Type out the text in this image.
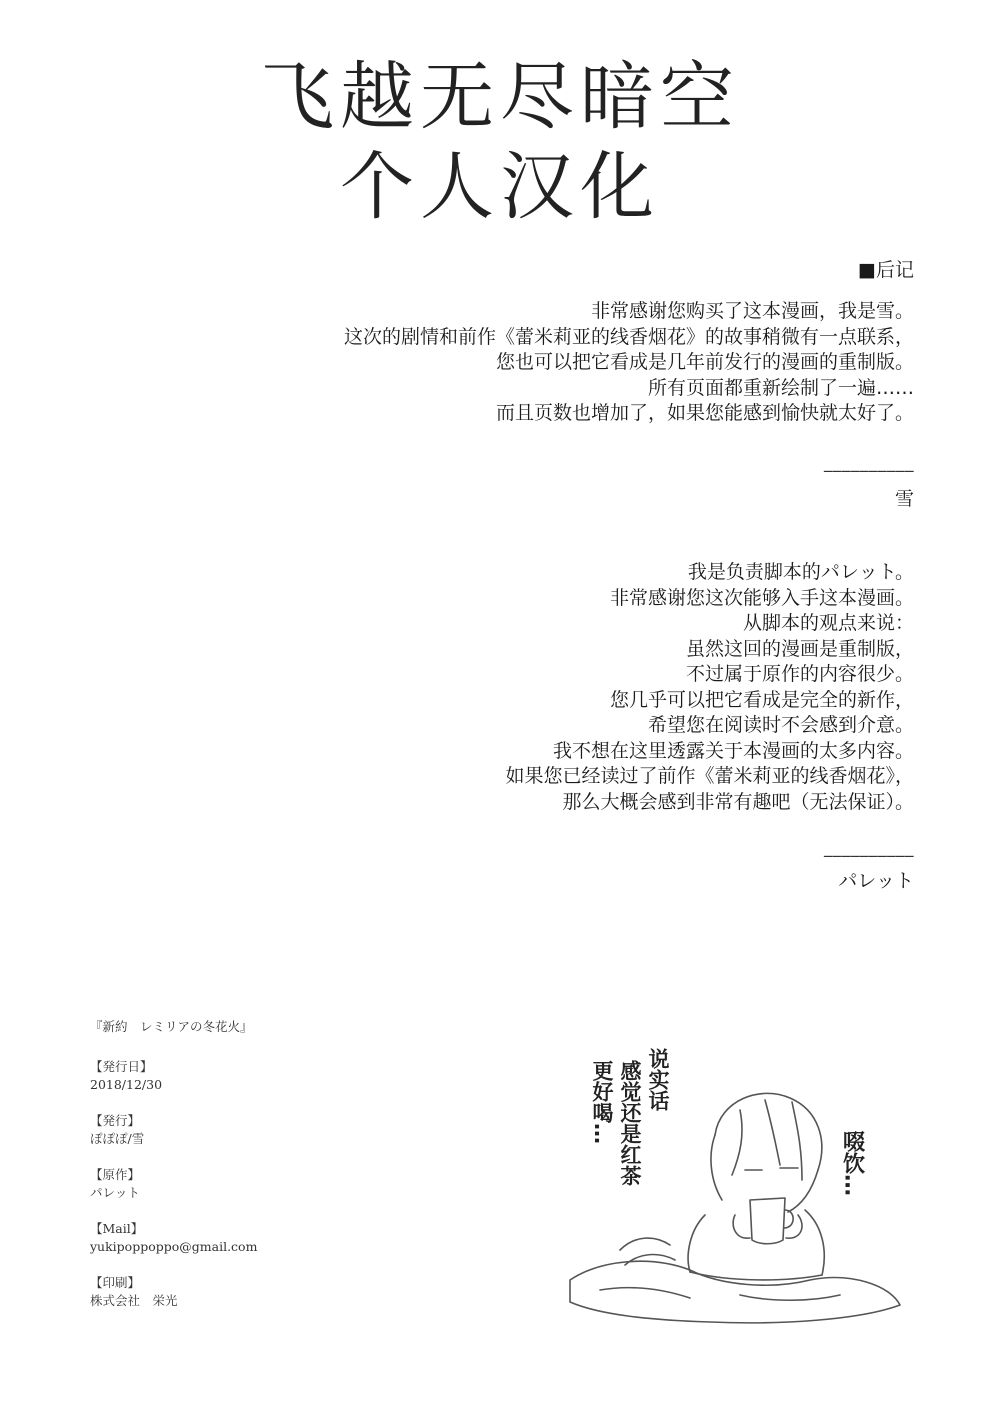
飞越无尽暗空
个人汉化
■后记
非常感谢您购买了这本漫画，我是雪。
这次的剧情和前作《蕾米莉亚的线香烟花》的故事稍微有一点联系，
您也可以把它看成是几年前发行的漫画的重制版。
所有页面都重新绘制了一遍……
而且页数也增加了，如果您能感到愉快就太好了。
__________
雪
我是负责脚本的パレット。
非常感谢您这次能够入手这本漫画。
从脚本的观点来说：
虽然这回的漫画是重制版，
不过属于原作的内容很少。
您几乎可以把它看成是完全的新作，
希望您在阅读时不会感到介意。
我不想在这里透露关于本漫画的太多内容。
如果您已经读过了前作《蕾米莉亚的线香烟花》，
那么大概会感到非常有趣吧（无法保证）。
__________
パレット
『新約　レミリアの冬花火』
【発行日】
2018/12/30
【発行】
ぽぽぽ/雪
【原作】
パレット
【Mail】
yukipoppoppo@gmail.com
【印刷】
株式会社　栄光
更好喝… 感觉还是红茶 说实话
啜饮…
